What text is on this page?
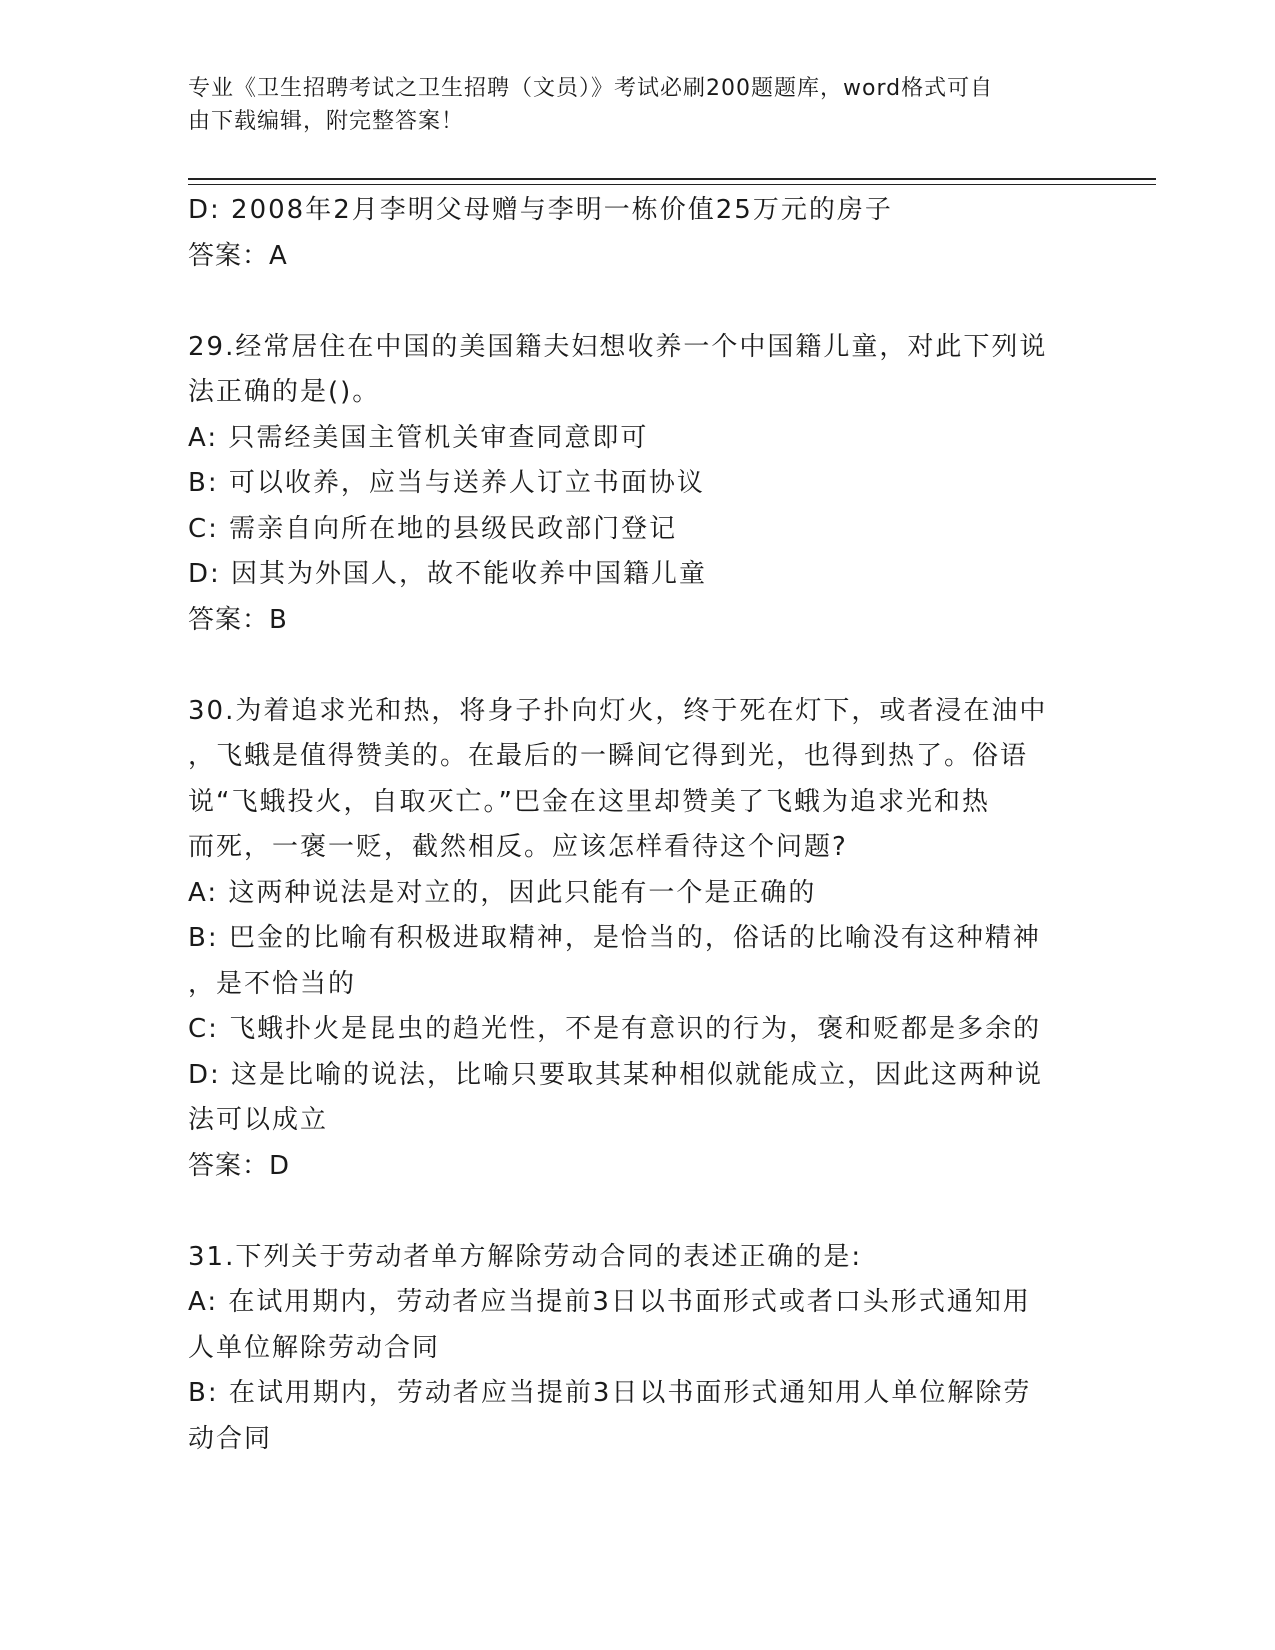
专业《卫生招聘考试之卫生招聘（文员）》考试必刷200题题库，word格式可自
由下载编辑，附完整答案！
D: 2008年2月李明父母赠与李明一栋价值25万元的房子
答案：A
29.经常居住在中国的美国籍夫妇想收养一个中国籍儿童，对此下列说
法正确的是()。
A: 只需经美国主管机关审查同意即可
B: 可以收养，应当与送养人订立书面协议
C: 需亲自向所在地的县级民政部门登记
D: 因其为外国人，故不能收养中国籍儿童
答案：B
30.为着追求光和热，将身子扑向灯火，终于死在灯下，或者浸在油中
，飞蛾是值得赞美的。在最后的一瞬间它得到光，也得到热了。俗语
说“飞蛾投火，自取灭亡。”巴金在这里却赞美了飞蛾为追求光和热
而死，一褒一贬，截然相反。应该怎样看待这个问题?
A: 这两种说法是对立的，因此只能有一个是正确的
B: 巴金的比喻有积极进取精神，是恰当的，俗话的比喻没有这种精神
，是不恰当的
C: 飞蛾扑火是昆虫的趋光性，不是有意识的行为，褒和贬都是多余的
D: 这是比喻的说法，比喻只要取其某种相似就能成立，因此这两种说
法可以成立
答案：D
31.下列关于劳动者单方解除劳动合同的表述正确的是:
A: 在试用期内，劳动者应当提前3日以书面形式或者口头形式通知用
人单位解除劳动合同
B: 在试用期内，劳动者应当提前3日以书面形式通知用人单位解除劳
动合同
